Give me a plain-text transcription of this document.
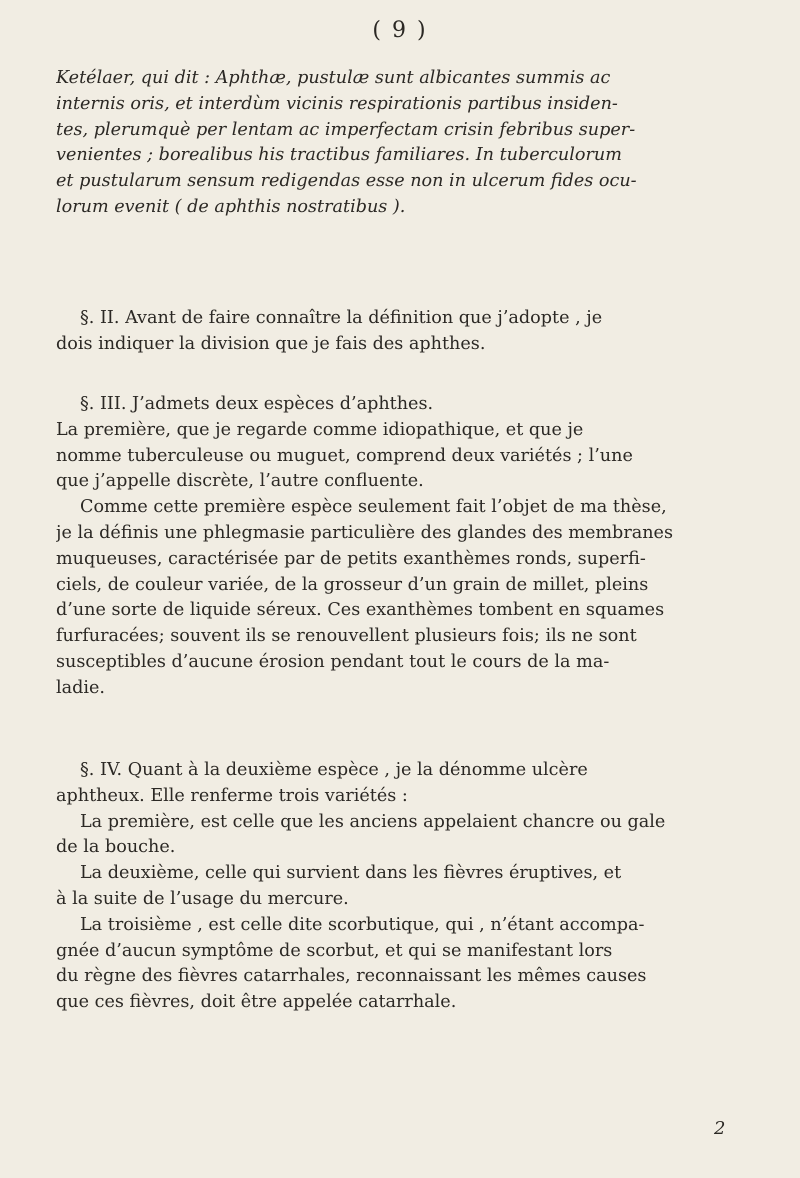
( 9 )
Ketélaer, qui dit : Aphthæ, pustulæ sunt albicantes summis ac
internis oris, et interdùm vicinis respirationis partibus insiden-
tes, plerumquè per lentam ac imperfectam crisin febribus super-
venientes ; borealibus his tractibus familiares. In tuberculorum
et pustularum sensum redigendas esse non in ulcerum fides ocu-
lorum evenit ( de aphthis nostratibus ).
§. II. Avant de faire connaître la définition que j’adopte , je
dois indiquer la division que je fais des aphthes.
§. III. J’admets deux espèces d’aphthes.
La première, que je regarde comme idiopathique, et que je
nomme tuberculeuse ou muguet, comprend deux variétés ; l’une
que j’appelle discrète, l’autre confluente.
Comme cette première espèce seulement fait l’objet de ma thèse,
je la définis une phlegmasie particulière des glandes des membranes
muqueuses, caractérisée par de petits exanthèmes ronds, superfi-
ciels, de couleur variée, de la grosseur d’un grain de millet, pleins
d’une sorte de liquide séreux. Ces exanthèmes tombent en squames
furfuracées; souvent ils se renouvellent plusieurs fois; ils ne sont
susceptibles d’aucune érosion pendant tout le cours de la ma-
ladie.
§. IV. Quant à la deuxième espèce , je la dénomme ulcère
aphtheux. Elle renferme trois variétés :
La première, est celle que les anciens appelaient chancre ou gale
de la bouche.
La deuxième, celle qui survient dans les fièvres éruptives, et
à la suite de l’usage du mercure.
La troisième , est celle dite scorbutique, qui , n’étant accompa-
gnée d’aucun symptôme de scorbut, et qui se manifestant lors
du règne des fièvres catarrhales, reconnaissant les mêmes causes
que ces fièvres, doit être appelée catarrhale.
2
